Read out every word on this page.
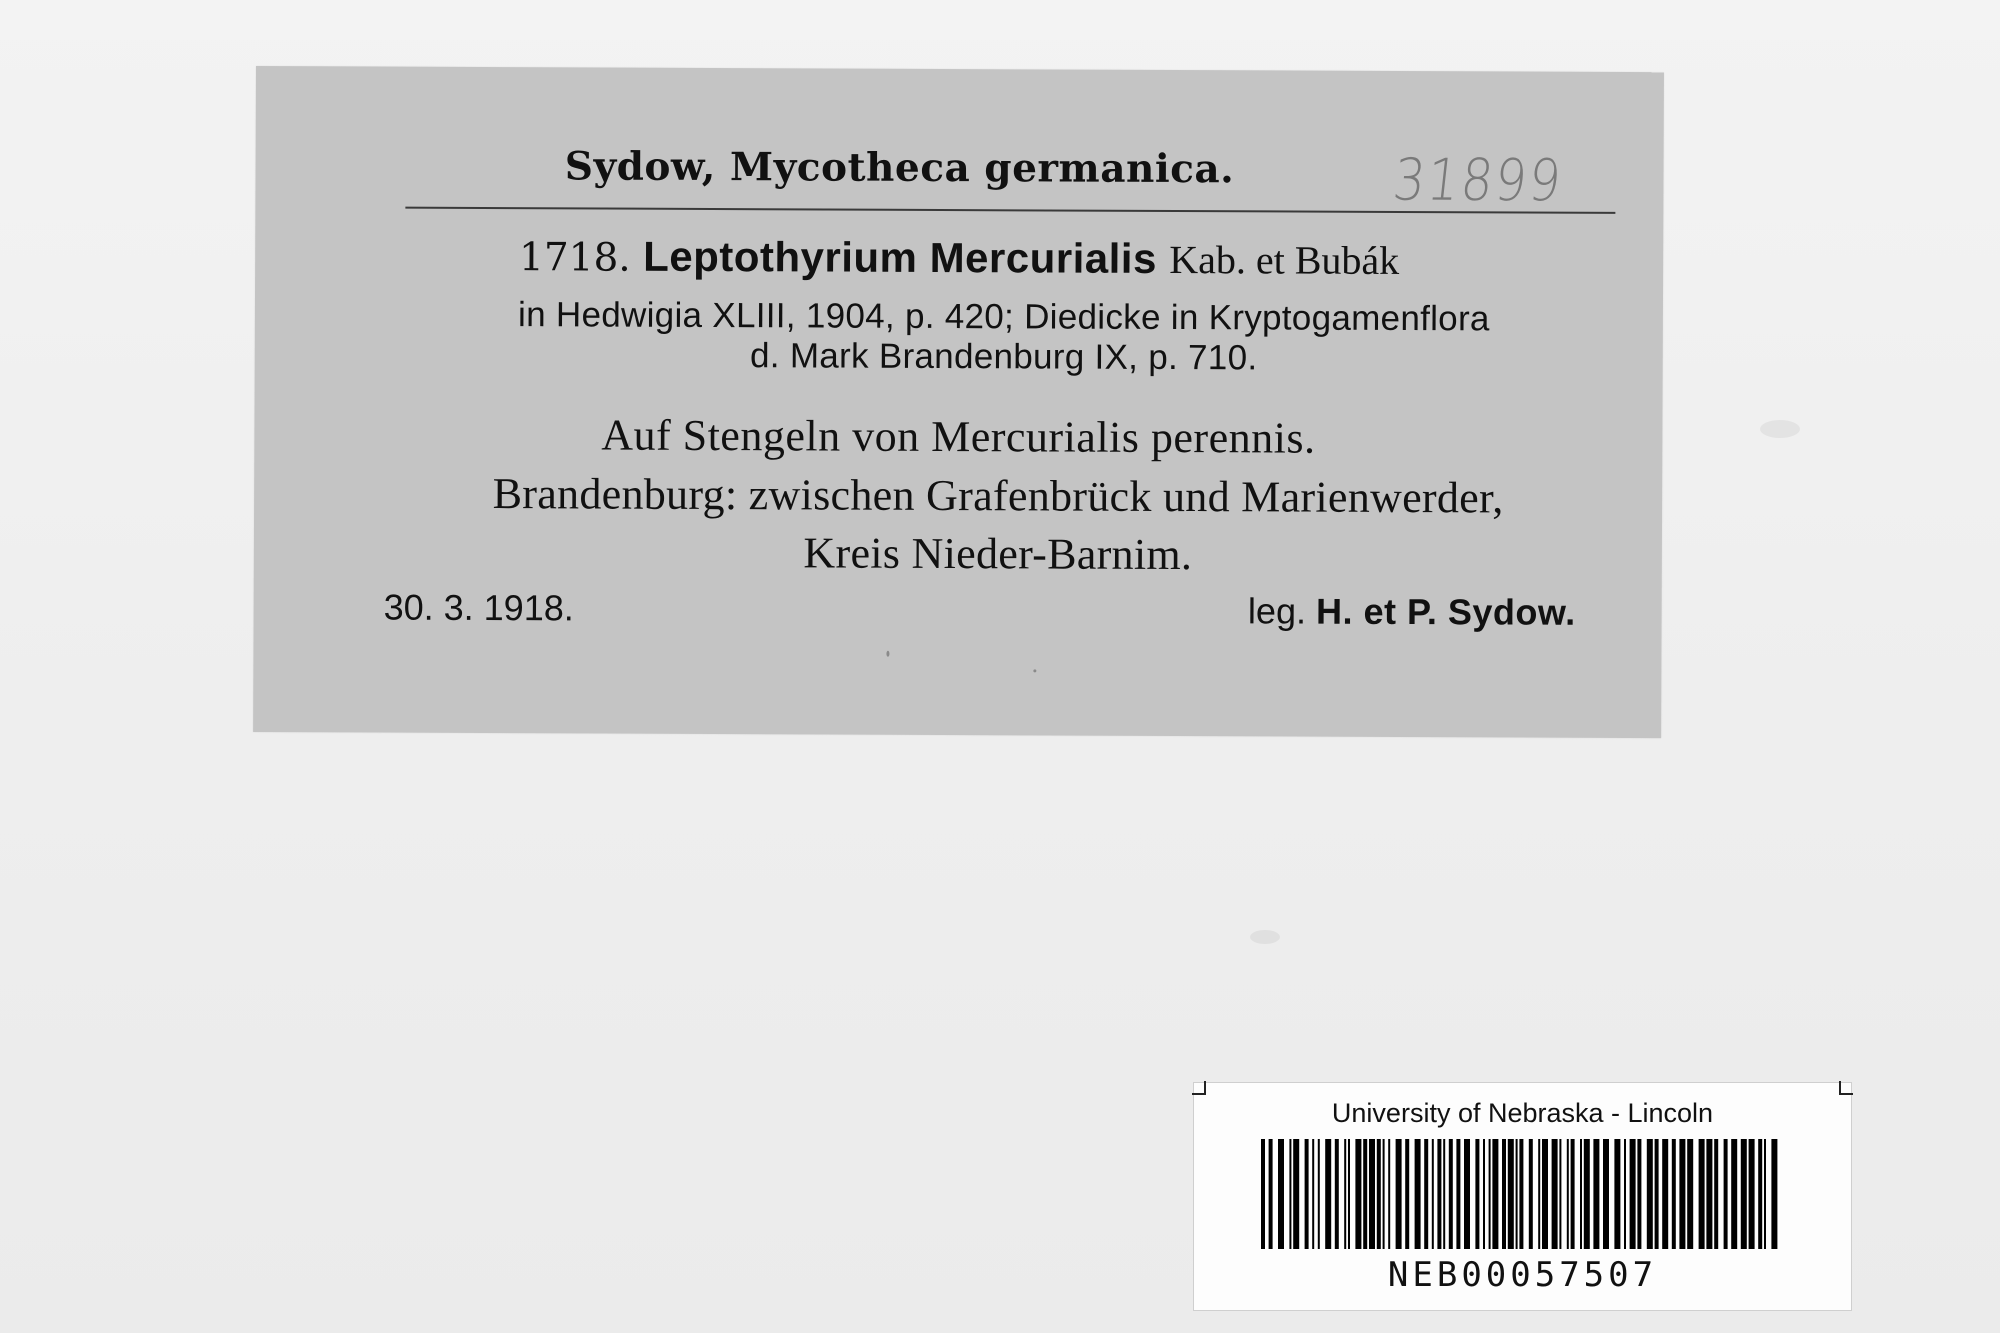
Sydow, Mycotheca germanica.	31899
1718. Leptothyrium Mercurialis Kab. et Bubák
in Hedwigia XLIII, 1904, p. 420; Diedicke in Kryptogamenflora
d. Mark Brandenburg IX, p. 710.
Auf Stengeln von Mercurialis perennis.
Brandenburg: zwischen Grafenbrück und Marienwerder,
Kreis Nieder-Barnim.
30. 3. 1918.	leg. H. et P. Sydow.
University of Nebraska - Lincoln
NEB00057507
